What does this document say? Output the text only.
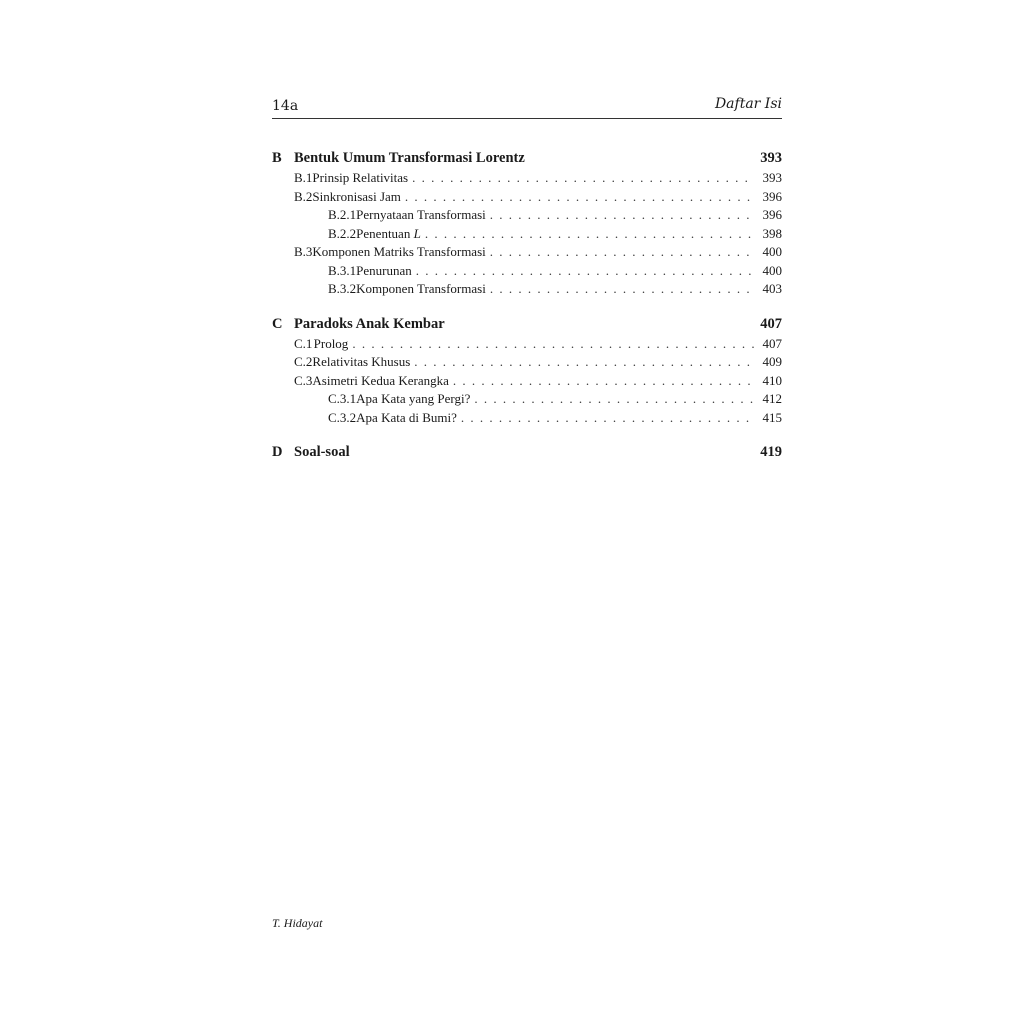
14a	Daftar Isi
B Bentuk Umum Transformasi Lorentz	393
B.1 Prinsip Relativitas . . .	393
B.2 Sinkronisasi Jam . . .	396
B.2.1 Pernyataan Transformasi . . .	396
B.2.2 Penentuan L . . .	398
B.3 Komponen Matriks Transformasi . . .	400
B.3.1 Penurunan . . .	400
B.3.2 Komponen Transformasi . . .	403
C Paradoks Anak Kembar	407
C.1 Prolog . . .	407
C.2 Relativitas Khusus . . .	409
C.3 Asimetri Kedua Kerangka . . .	410
C.3.1 Apa Kata yang Pergi? . . .	412
C.3.2 Apa Kata di Bumi? . . .	415
D Soal-soal	419
T. Hidayat
